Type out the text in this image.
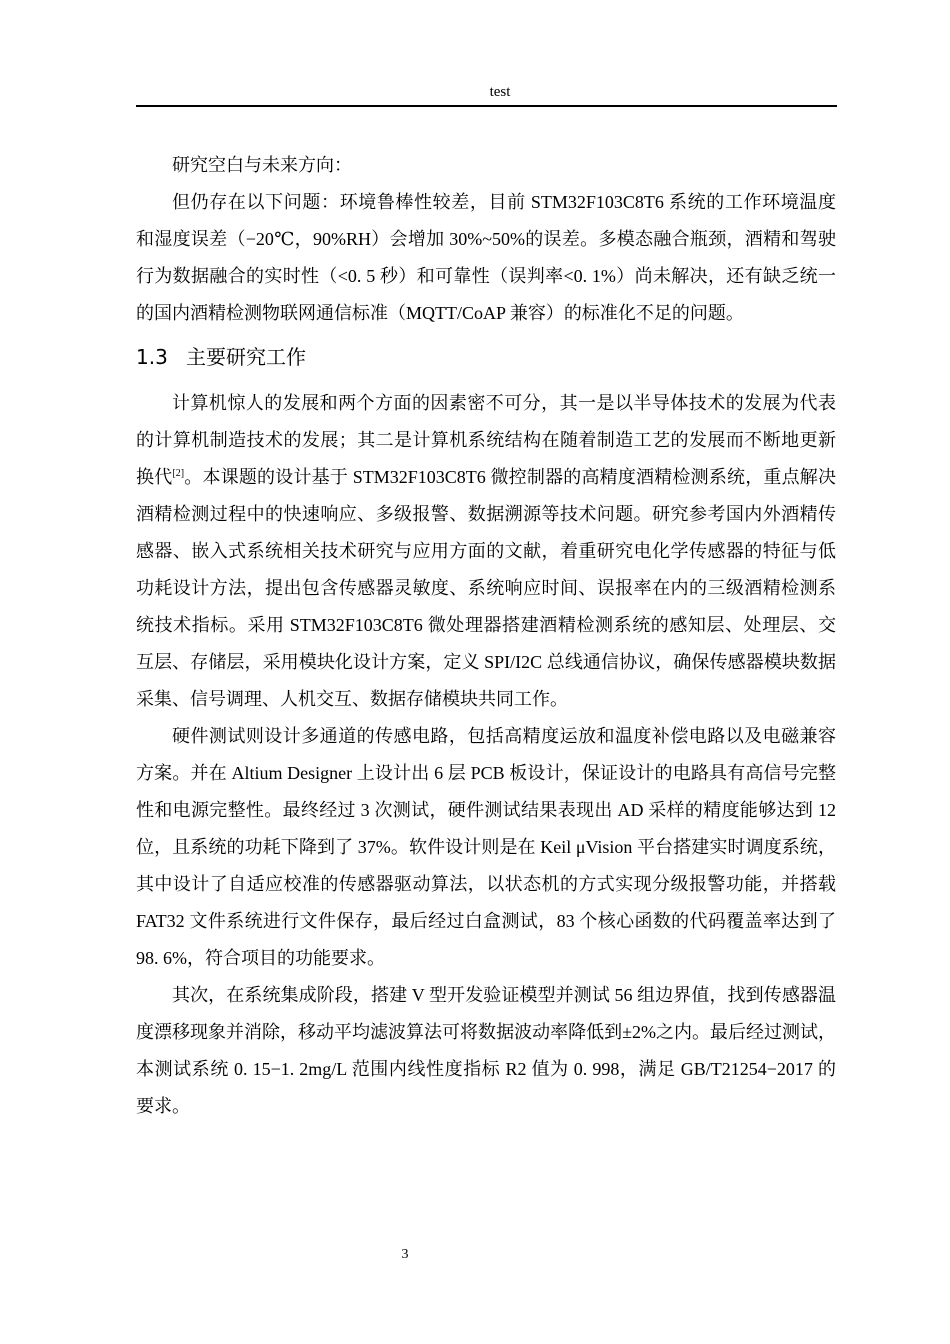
test

研究空白与未来方向：

但仍存在以下问题：环境鲁棒性较差，目前 STM32F103C8T6 系统的工作环境温度和湿度误差（−20℃，90%RH）会增加 30%~50%的误差。多模态融合瓶颈，酒精和驾驶行为数据融合的实时性（<0. 5 秒）和可靠性（误判率<0. 1%）尚未解决，还有缺乏统一的国内酒精检测物联网通信标准（MQTT/CoAP 兼容）的标准化不足的问题。

1.3 主要研究工作

计算机惊人的发展和两个方面的因素密不可分，其一是以半导体技术的发展为代表的计算机制造技术的发展；其二是计算机系统结构在随着制造工艺的发展而不断地更新换代[2]。本课题的设计基于 STM32F103C8T6 微控制器的高精度酒精检测系统，重点解决酒精检测过程中的快速响应、多级报警、数据溯源等技术问题。研究参考国内外酒精传感器、嵌入式系统相关技术研究与应用方面的文献，着重研究电化学传感器的特征与低功耗设计方法，提出包含传感器灵敏度、系统响应时间、误报率在内的三级酒精检测系统技术指标。采用 STM32F103C8T6 微处理器搭建酒精检测系统的感知层、处理层、交互层、存储层，采用模块化设计方案，定义 SPI/I2C 总线通信协议，确保传感器模块数据采集、信号调理、人机交互、数据存储模块共同工作。

硬件测试则设计多通道的传感电路，包括高精度运放和温度补偿电路以及电磁兼容方案。并在 Altium Designer 上设计出 6 层 PCB 板设计，保证设计的电路具有高信号完整性和电源完整性。最终经过 3 次测试，硬件测试结果表现出 AD 采样的精度能够达到 12 位，且系统的功耗下降到了 37%。软件设计则是在 Keil μVision 平台搭建实时调度系统，其中设计了自适应校准的传感器驱动算法，以状态机的方式实现分级报警功能，并搭载 FAT32 文件系统进行文件保存，最后经过白盒测试，83 个核心函数的代码覆盖率达到了 98. 6%，符合项目的功能要求。

其次，在系统集成阶段，搭建 V 型开发验证模型并测试 56 组边界值，找到传感器温度漂移现象并消除，移动平均滤波算法可将数据波动率降低到±2%之内。最后经过测试，本测试系统 0. 15−1. 2mg/L 范围内线性度指标 R2 值为 0. 998，满足 GB/T21254−2017 的要求。

3
